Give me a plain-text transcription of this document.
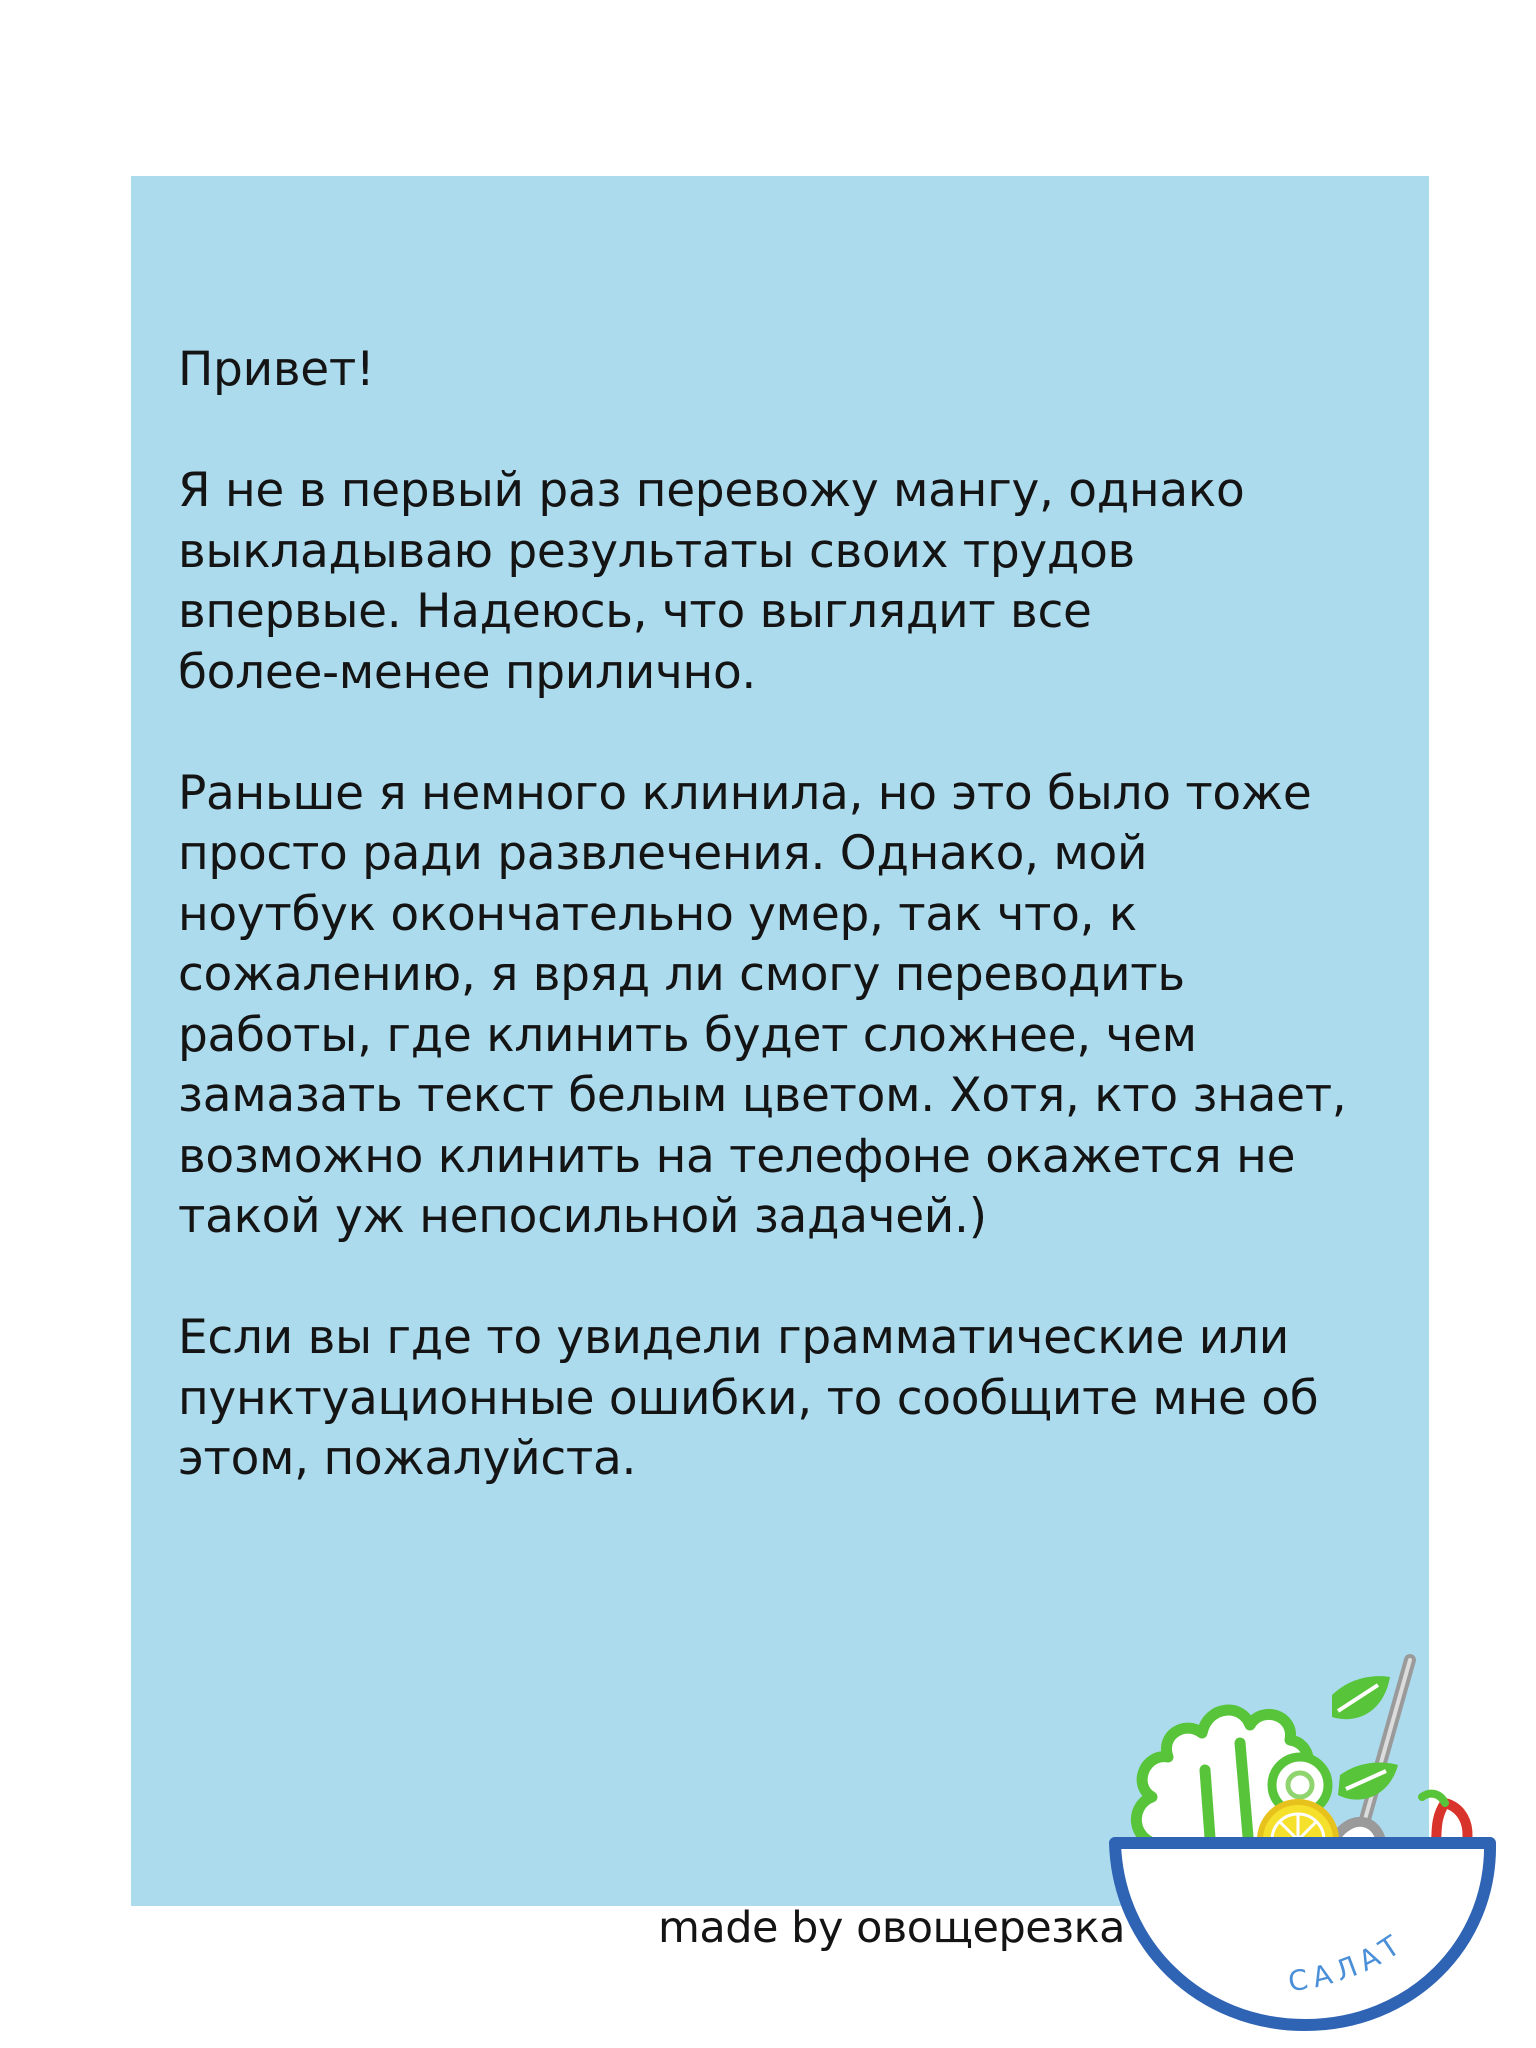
Привет!

Я не в первый раз перевожу мангу, однако
выкладываю результаты своих трудов
впервые. Надеюсь, что выглядит все
более-менее прилично.

Раньше я немного клинила, но это было тоже
просто ради развлечения. Однако, мой
ноутбук окончательно умер, так что, к
сожалению, я вряд ли смогу переводить
работы, где клинить будет сложнее, чем
замазать текст белым цветом. Хотя, кто знает,
возможно клинить на телефоне окажется не
такой уж непосильной задачей.)

Если вы где то увидели грамматические или
пунктуационные ошибки, то сообщите мне об
этом, пожалуйста.

made by овощерезка
САЛАТ
